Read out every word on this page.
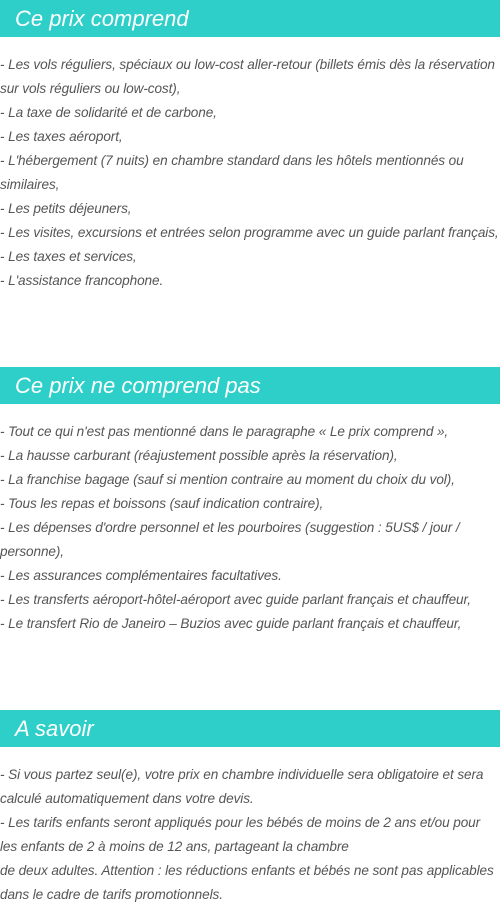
Ce prix comprend
- Les vols réguliers, spéciaux ou low-cost aller-retour (billets émis dès la réservation sur vols réguliers ou low-cost),
- La taxe de solidarité et de carbone,
- Les taxes aéroport,
- L'hébergement (7 nuits) en chambre standard dans les hôtels mentionnés ou similaires,
- Les petits déjeuners,
- Les visites, excursions et entrées selon programme avec un guide parlant français,
- Les taxes et services,
- L'assistance francophone.
Ce prix ne comprend pas
- Tout ce qui n'est pas mentionné dans le paragraphe « Le prix comprend »,
- La hausse carburant (réajustement possible après la réservation),
- La franchise bagage (sauf si mention contraire au moment du choix du vol),
- Tous les repas et boissons (sauf indication contraire),
- Les dépenses d'ordre personnel et les pourboires (suggestion : 5US$ / jour / personne),
- Les assurances complémentaires facultatives.
- Les transferts aéroport-hôtel-aéroport avec guide parlant français et chauffeur,
- Le transfert Rio de Janeiro – Buzios avec guide parlant français et chauffeur,
A savoir
- Si vous partez seul(e), votre prix en chambre individuelle sera obligatoire et sera calculé automatiquement dans votre devis.
- Les tarifs enfants seront appliqués pour les bébés de moins de 2 ans et/ou pour les enfants de 2 à moins de 12 ans, partageant la chambre
de deux adultes. Attention : les réductions enfants et bébés ne sont pas applicables dans le cadre de tarifs promotionnels.
